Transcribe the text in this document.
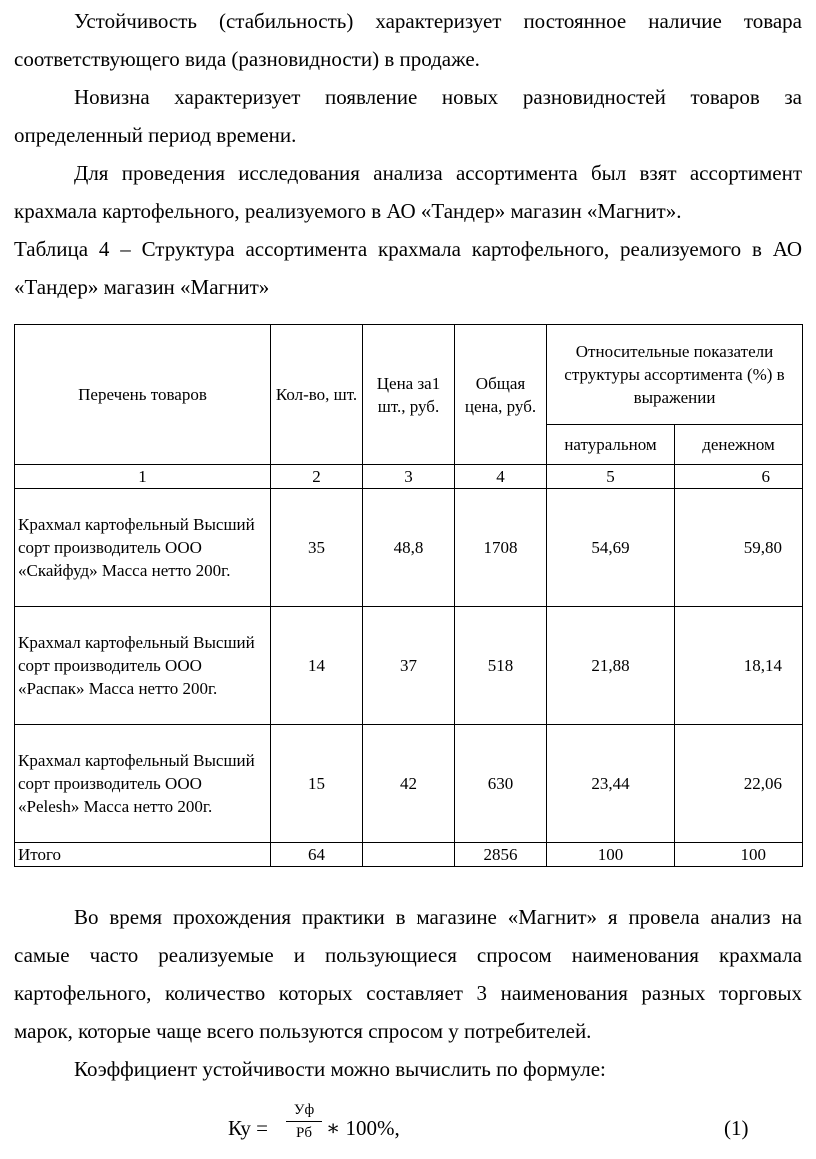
Устойчивость (стабильность) характеризует постоянное наличие товара соответствующего вида (разновидности) в продаже.

Новизна характеризует появление новых разновидностей товаров за определенный период времени.

Для проведения исследования анализа ассортимента был взят ассортимент крахмала картофельного, реализуемого в АО «Тандер» магазин «Магнит».

Таблица 4 – Структура ассортимента крахмала картофельного, реализуемого в АО «Тандер» магазин «Магнит»

Перечень товаров	Кол-во, шт.	Цена за1 шт., руб.	Общая цена, руб.	Относительные показатели структуры ассортимента (%) в выражении	
				натуральном	денежном
1	2	3	4	5	6
Крахмал картофельный Высший сорт производитель ООО «Скайфуд» Масса нетто 200г.	35	48,8	1708	54,69	59,80
Крахмал картофельный Высший сорт производитель ООО «Распак» Масса нетто 200г.	14	37	518	21,88	18,14
Крахмал картофельный Высший сорт производитель ООО «Pelesh» Масса нетто 200г.	15	42	630	23,44	22,06
Итого	64		2856	100	100

Во время прохождения практики в магазине «Магнит» я провела анализ на самые часто реализуемые и пользующиеся спросом наименования крахмала картофельного, количество которых составляет 3 наименования разных торговых марок, которые чаще всего пользуются спросом у потребителей.

Коэффициент устойчивости можно вычислить по формуле:

Ку =
Уф
Рб ∗ 100%,	(1)
